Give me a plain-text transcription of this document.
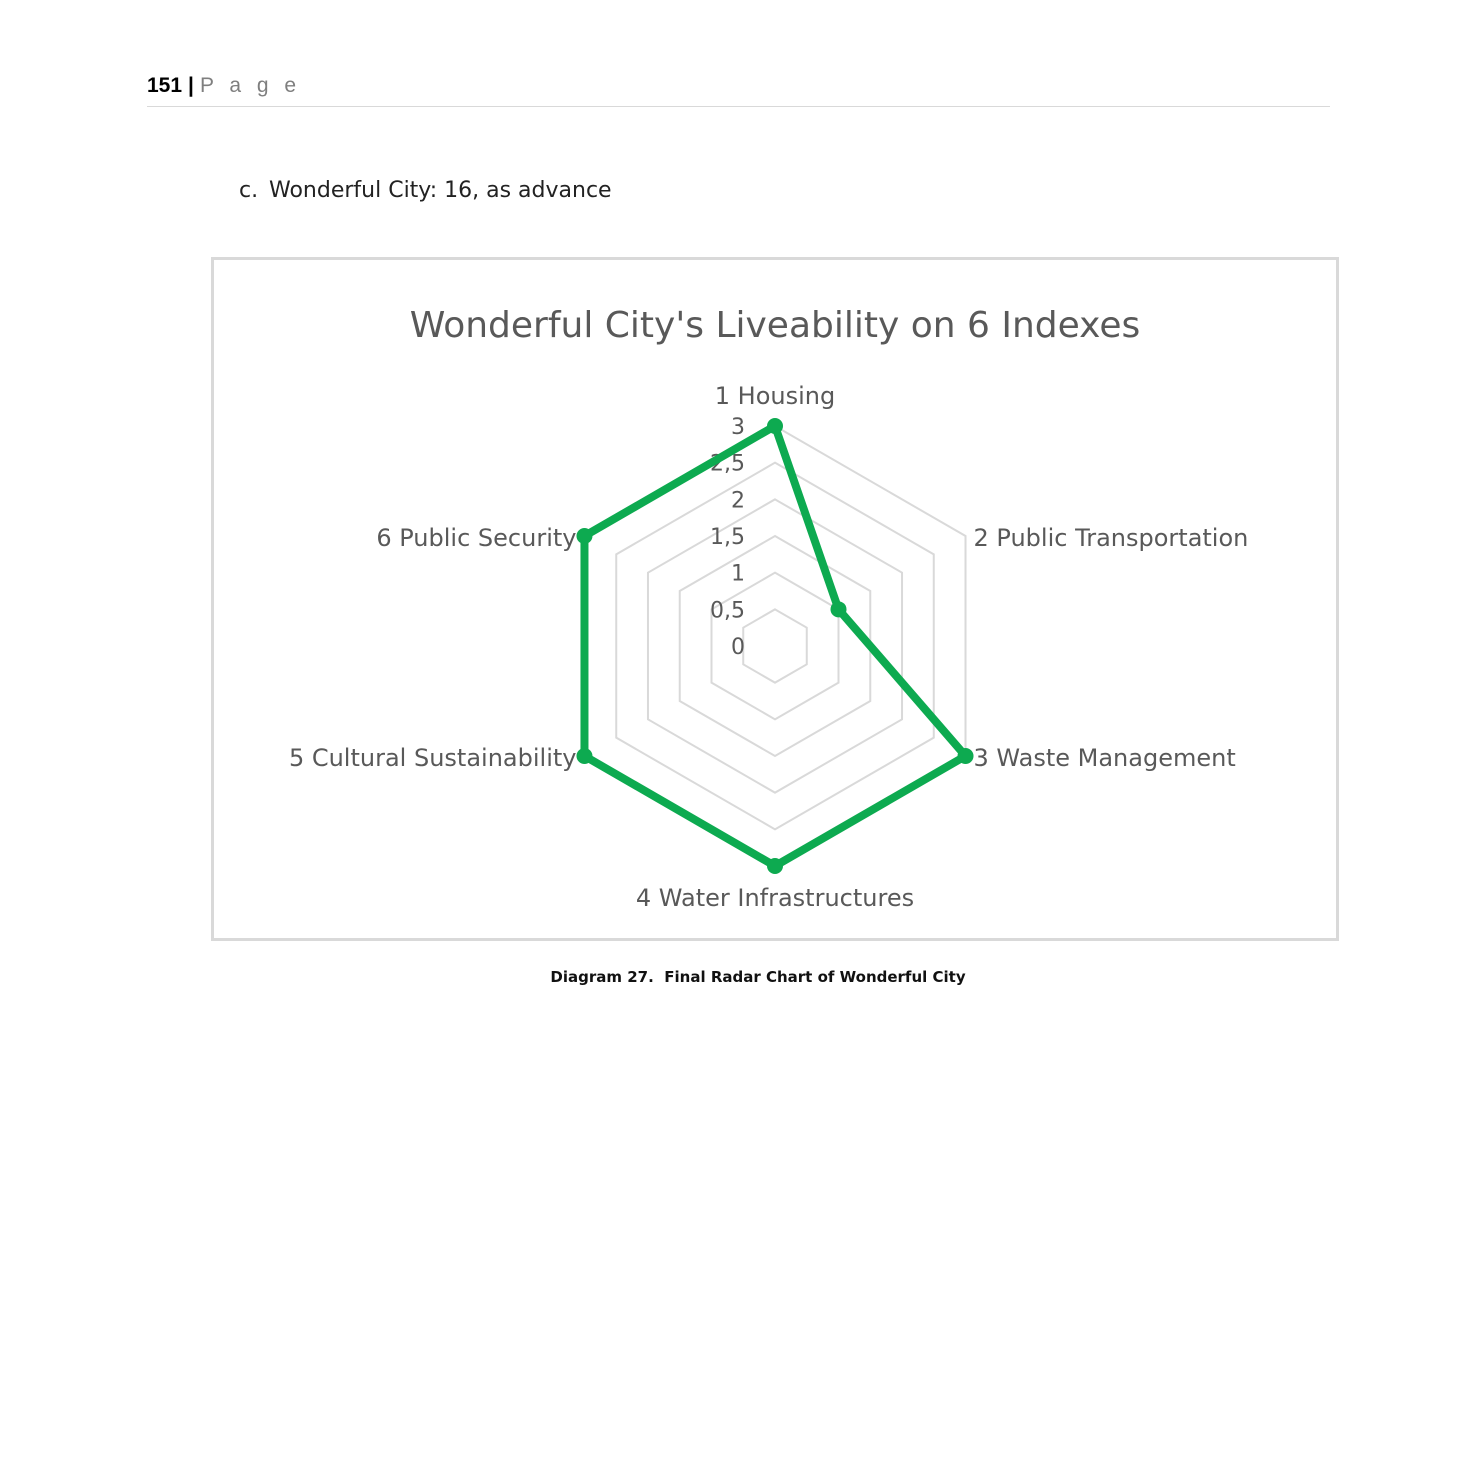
151 | P a g e
c. Wonderful City: 16, as advance
Wonderful City's Liveability on 6 Indexes
0
0,5
1
1,5
2
2,5
3
1 Housing
2 Public Transportation
3 Waste Management
4 Water Infrastructures
5 Cultural Sustainability
6 Public Security
Diagram 27. Final Radar Chart of Wonderful City
